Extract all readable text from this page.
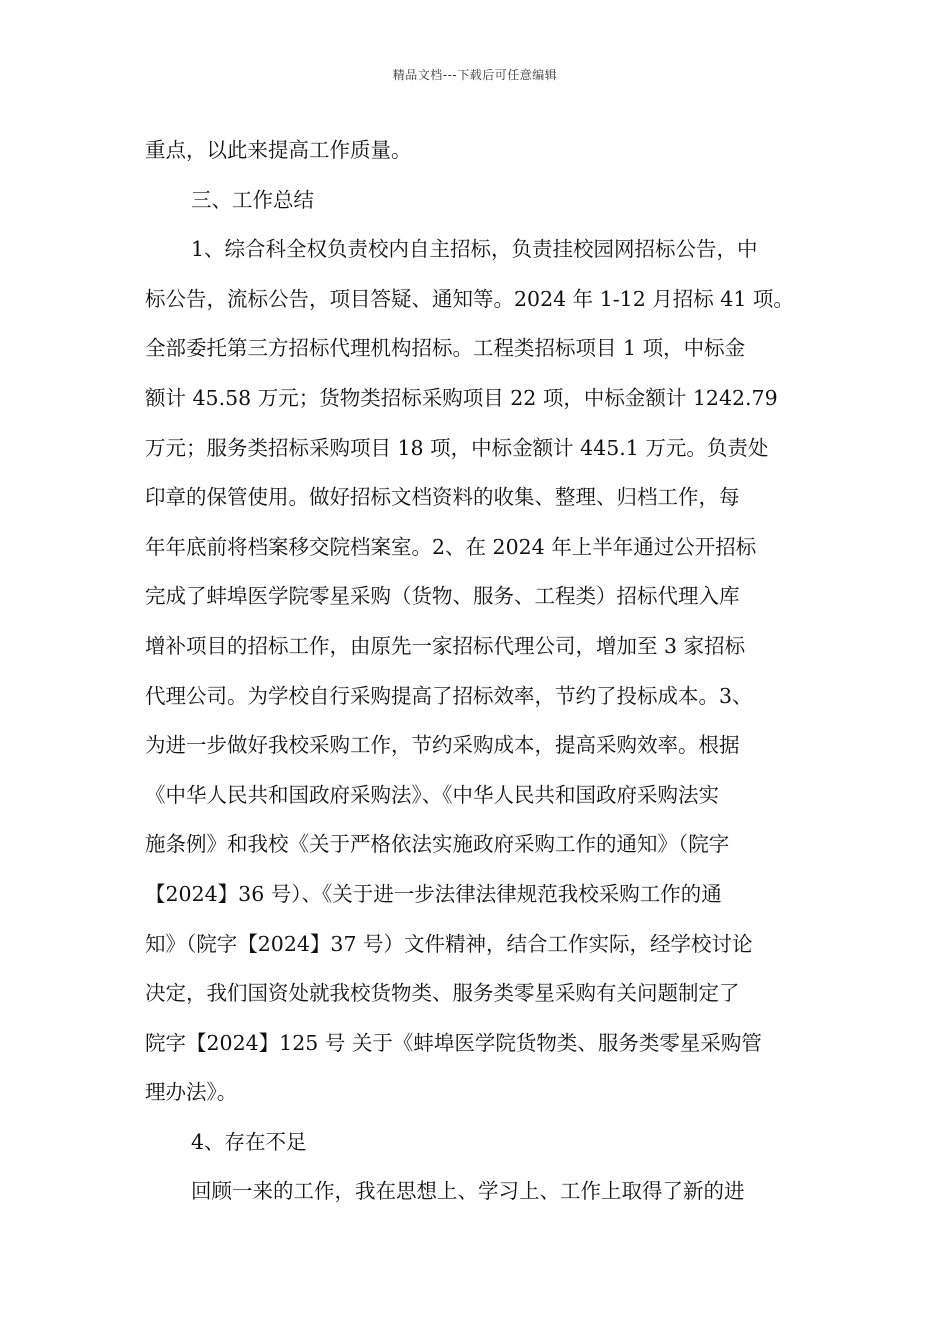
精品文档---下载后可任意编辑
重点，以此来提高工作质量。
三、工作总结
1、综合科全权负责校内自主招标，负责挂校园网招标公告，中
标公告，流标公告，项目答疑、通知等。2024 年 1-12 月招标 41 项。
全部委托第三方招标代理机构招标。工程类招标项目 1 项，中标金
额计 45.58 万元；货物类招标采购项目 22 项，中标金额计 1242.79
万元；服务类招标采购项目 18 项，中标金额计 445.1 万元。负责处
印章的保管使用。做好招标文档资料的收集、整理、归档工作，每
年年底前将档案移交院档案室。2、在 2024 年上半年通过公开招标
完成了蚌埠医学院零星采购（货物、服务、工程类）招标代理入库
增补项目的招标工作，由原先一家招标代理公司，增加至 3 家招标
代理公司。为学校自行采购提高了招标效率，节约了投标成本。3、
为进一步做好我校采购工作，节约采购成本，提高采购效率。根据
《中华人民共和国政府采购法》、《中华人民共和国政府采购法实
施条例》和我校《关于严格依法实施政府采购工作的通知》（院字
【2024】36 号）、《关于进一步法律法律规范我校采购工作的通
知》（院字【2024】37 号）文件精神，结合工作实际，经学校讨论
决定，我们国资处就我校货物类、服务类零星采购有关问题制定了
院字【2024】125 号 关于《蚌埠医学院货物类、服务类零星采购管
理办法》。
4、存在不足
回顾一来的工作，我在思想上、学习上、工作上取得了新的进
